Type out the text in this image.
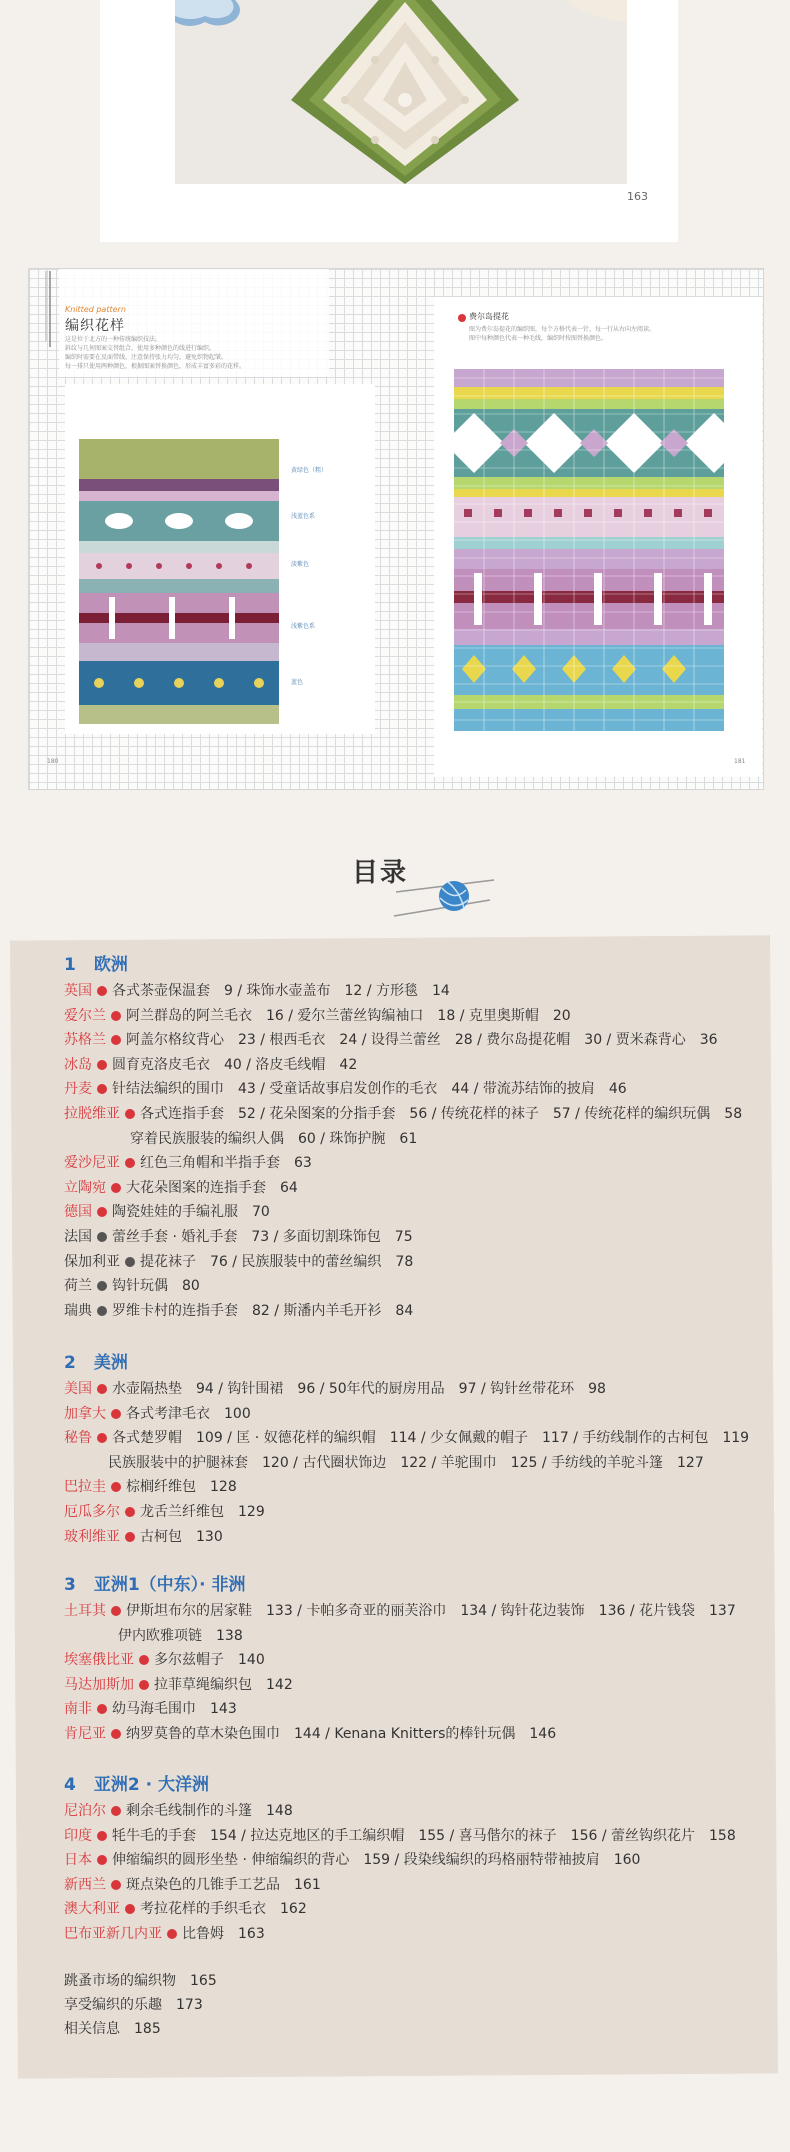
163
Knitted pattern
编织花样
这是位于北方的一种传统编织技法。
斜纹与几何图案交替组合，使用多种颜色的线进行编织。
编织时需要在反面带线，注意保持张力均匀，避免织物起皱。
每一排只使用两种颜色，根据图案替换颜色，形成丰富多彩的花样。
黄绿色（粗）
浅蓝色系
淡紫色
浅紫色系
蓝色
180
费尔岛提花
图为费尔岛提花的编织图，每个方格代表一针，每一行从右向左阅读。
图中每种颜色代表一种毛线，编织时按图替换颜色。
181
目录
1 欧洲
英国 各式茶壶保温套　9 / 珠饰水壶盖布　12 / 方形毯　14
爱尔兰 阿兰群岛的阿兰毛衣　16 / 爱尔兰蕾丝钩编袖口　18 / 克里奥斯帽　20
苏格兰 阿盖尔格纹背心　23 / 根西毛衣　24 / 设得兰蕾丝　28 / 费尔岛提花帽　30 / 贾米森背心　36
冰岛 圆育克洛皮毛衣　40 / 洛皮毛线帽　42
丹麦 针结法编织的围巾　43 / 受童话故事启发创作的毛衣　44 / 带流苏结饰的披肩　46
拉脱维亚 各式连指手套　52 / 花朵图案的分指手套　56 / 传统花样的袜子　57 / 传统花样的编织玩偶　58
穿着民族服装的编织人偶　60 / 珠饰护腕　61
爱沙尼亚 红色三角帽和半指手套　63
立陶宛 大花朵图案的连指手套　64
德国 陶瓷娃娃的手编礼服　70
法国 蕾丝手套 · 婚礼手套　73 / 多面切割珠饰包　75
保加利亚 提花袜子　76 / 民族服装中的蕾丝编织　78
荷兰 钩针玩偶　80
瑞典 罗维卡村的连指手套　82 / 斯潘内羊毛开衫　84
2 美洲
美国 水壶隔热垫　94 / 钩针围裙　96 / 50年代的厨房用品　97 / 钩针丝带花环　98
加拿大 各式考津毛衣　100
秘鲁 各式楚罗帽　109 / 匡 · 奴德花样的编织帽　114 / 少女佩戴的帽子　117 / 手纺线制作的古柯包　119
民族服装中的护腿袜套　120 / 古代圈状饰边　122 / 羊驼围巾　125 / 手纺线的羊驼斗篷　127
巴拉圭 棕榈纤维包　128
厄瓜多尔 龙舌兰纤维包　129
玻利维亚 古柯包　130
3 亚洲1（中东）· 非洲
土耳其 伊斯坦布尔的居家鞋　133 / 卡帕多奇亚的丽芙浴巾　134 / 钩针花边装饰　136 / 花片钱袋　137
伊内欧雅项链　138
埃塞俄比亚 多尔兹帽子　140
马达加斯加 拉菲草绳编织包　142
南非 幼马海毛围巾　143
肯尼亚 纳罗莫鲁的草木染色围巾　144 / Kenana Knitters的棒针玩偶　146
4 亚洲2 · 大洋洲
尼泊尔 剩余毛线制作的斗篷　148
印度 牦牛毛的手套　154 / 拉达克地区的手工编织帽　155 / 喜马偕尔的袜子　156 / 蕾丝钩织花片　158
日本 伸缩编织的圆形坐垫 · 伸缩编织的背心　159 / 段染线编织的玛格丽特带袖披肩　160
新西兰 斑点染色的几锥手工艺品　161
澳大利亚 考拉花样的手织毛衣　162
巴布亚新几内亚 比鲁姆　163
跳蚤市场的编织物　165
享受编织的乐趣　173
相关信息　185
